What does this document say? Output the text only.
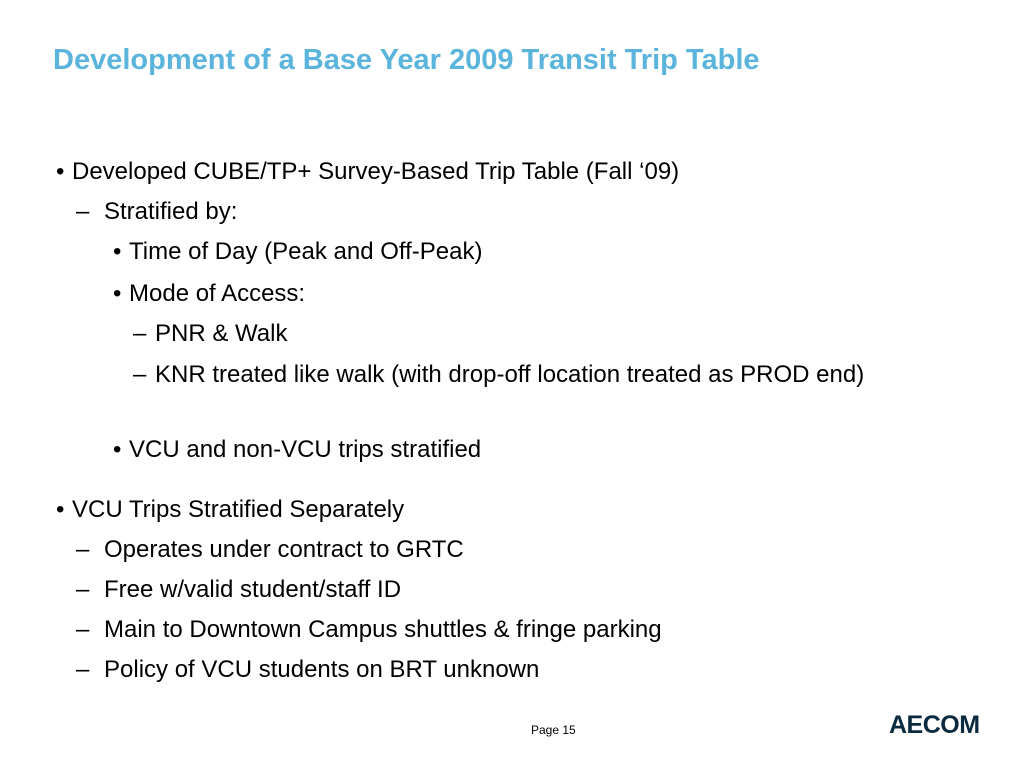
Development of a Base Year 2009 Transit Trip Table
• Developed CUBE/TP+ Survey-Based Trip Table (Fall ‘09)
– Stratified by:
• Time of Day (Peak and Off-Peak)
• Mode of Access:
– PNR & Walk
– KNR treated like walk (with drop-off location treated as PROD end)
• VCU and non-VCU trips stratified
• VCU Trips Stratified Separately
– Operates under contract to GRTC
– Free w/valid student/staff ID
– Main to Downtown Campus shuttles & fringe parking
– Policy of VCU students on BRT unknown
Page 15	AECOM
